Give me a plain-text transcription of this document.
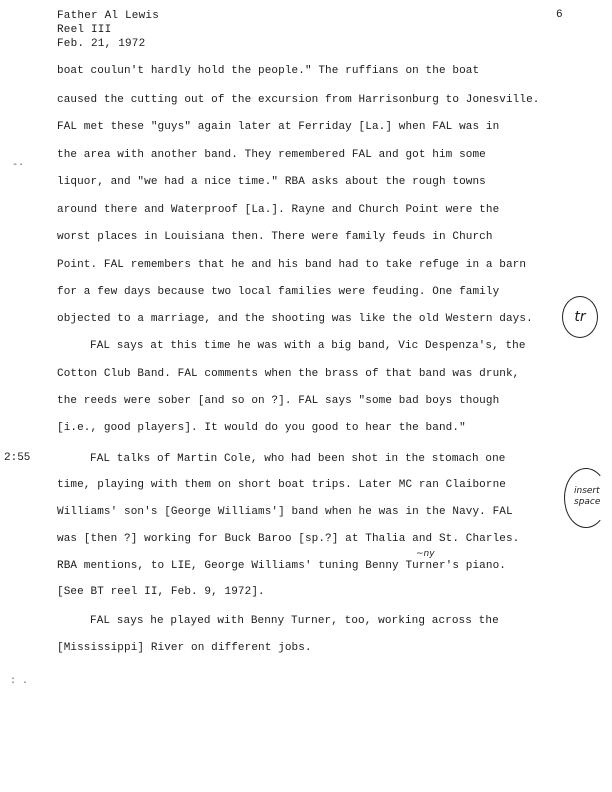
Father Al Lewis
Reel III
Feb. 21, 1972
6
-·
boat coulun't hardly hold the people." The ruffians on the boat
caused the cutting out of the excursion from Harrisonburg to Jonesville.
FAL met these "guys" again later at Ferriday [La.] when FAL was in
the area with another band. They remembered FAL and got him some
liquor, and "we had a nice time." RBA asks about the rough towns
around there and Waterproof [La.]. Rayne and Church Point were the
worst places in Louisiana then. There were family feuds in Church
Point. FAL remembers that he and his band had to take refuge in a barn
for a few days because two local families were feuding. One family
objected to a marriage, and the shooting was like the old Western days.	tr
FAL says at this time he was with a big band, Vic Despenza's, the
Cotton Club Band. FAL comments when the brass of that band was drunk,
the reeds were sober [and so on ?]. FAL says "some bad boys though
[i.e., good players]. It would do you good to hear the band."
2:55	FAL talks of Martin Cole, who had been shot in the stomach one
time, playing with them on short boat trips. Later MC ran Claiborne
Williams' son's [George Williams'] band when he was in the Navy. FAL
insert
space
was [then ?] working for Buck Baroo [sp.?] at Thalia and St. Charles.
~ny
RBA mentions, to LIE, George Williams' tuning Benny Turner's piano.
[See BT reel II, Feb. 9, 1972].
FAL says he played with Benny Turner, too, working across the
[Mississippi] River on different jobs.
: .
